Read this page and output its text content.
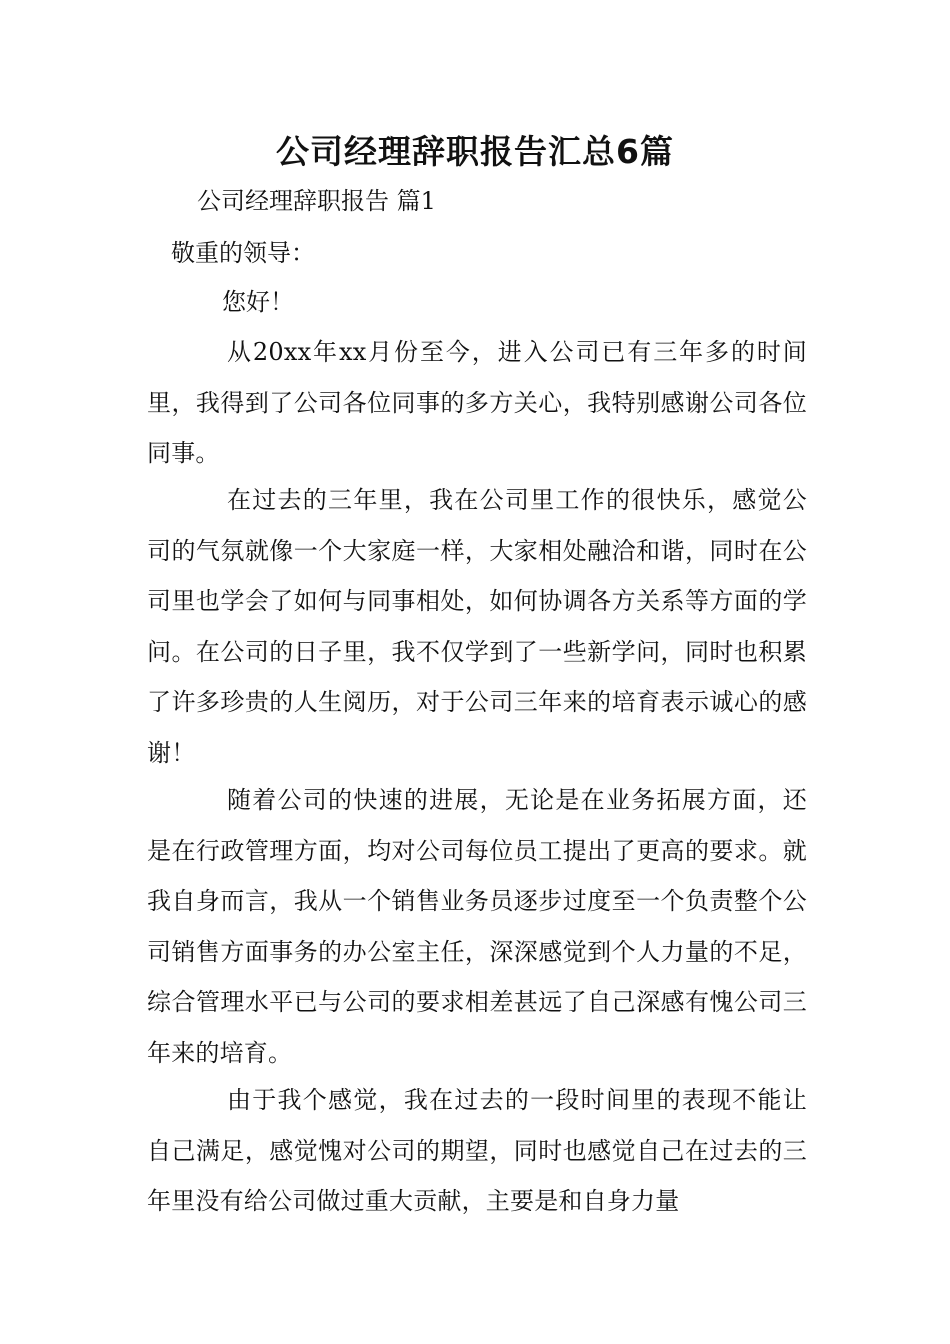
公司经理辞职报告汇总6篇

公司经理辞职报告 篇1

敬重的领导：

您好！

从20xx年xx月份至今，进入公司已有三年多的时间里，我得到了公司各位同事的多方关心，我特别感谢公司各位同事。

在过去的三年里，我在公司里工作的很快乐，感觉公司的气氛就像一个大家庭一样，大家相处融洽和谐，同时在公司里也学会了如何与同事相处，如何协调各方关系等方面的学问。在公司的日子里，我不仅学到了一些新学问，同时也积累了许多珍贵的人生阅历，对于公司三年来的培育表示诚心的感谢！

随着公司的快速的进展，无论是在业务拓展方面，还是在行政管理方面，均对公司每位员工提出了更高的要求。就我自身而言，我从一个销售业务员逐步过度至一个负责整个公司销售方面事务的办公室主任，深深感觉到个人力量的不足，综合管理水平已与公司的要求相差甚远了自己深感有愧公司三年来的培育。

由于我个感觉，我在过去的一段时间里的表现不能让自己满足，感觉愧对公司的期望，同时也感觉自己在过去的三年里没有给公司做过重大贡献，主要是和自身力量
